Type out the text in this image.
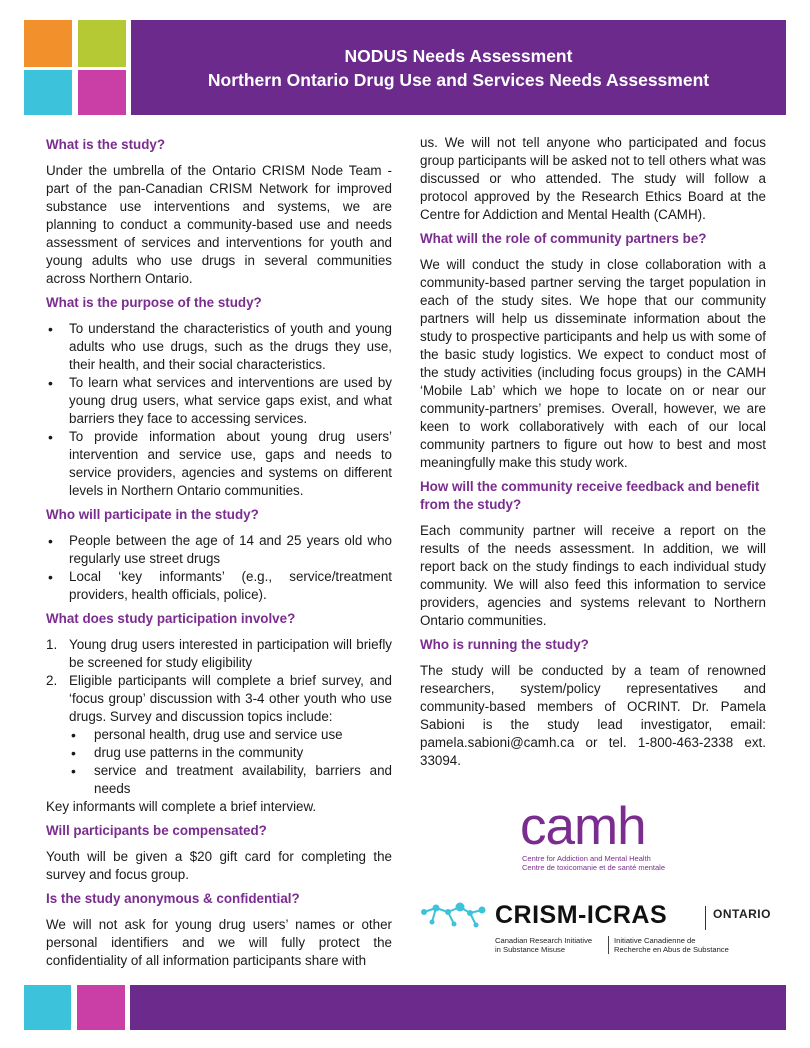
NODUS Needs Assessment
Northern Ontario Drug Use and Services Needs Assessment
What is the study?

Under the umbrella of the Ontario CRISM Node Team - part of the pan-Canadian CRISM Network for improved substance use interventions and systems, we are planning to conduct a community-based use and needs assessment of services and interventions for youth and young adults who use drugs in several communities across Northern Ontario.

What is the purpose of the study?
• To understand the characteristics of youth and young adults who use drugs, such as the drugs they use, their health, and their social characteristics.
• To learn what services and interventions are used by young drug users, what service gaps exist, and what barriers they face to accessing services.
• To provide information about young drug users’ intervention and service use, gaps and needs to service providers, agencies and systems on different levels in Northern Ontario communities.
Who will participate in the study?
• People between the age of 14 and 25 years old who regularly use street drugs
• Local ‘key informants’ (e.g., service/treatment providers, health officials, police).
What does study participation involve?
1. Young drug users interested in participation will briefly be screened for study eligibility
2. Eligible participants will complete a brief survey, and ‘focus group’ discussion with 3-4 other youth who use drugs. Survey and discussion topics include:
• personal health, drug use and service use
• drug use patterns in the community
• service and treatment availability, barriers and needs

Key informants will complete a brief interview.

Will participants be compensated?

Youth will be given a $20 gift card for completing the survey and focus group.

Is the study anonymous & confidential?

We will not ask for young drug users’ names or other personal identifiers and we will fully protect the confidentiality of all information participants share with

us. We will not tell anyone who participated and focus group participants will be asked not to tell others what was discussed or who attended. The study will follow a protocol approved by the Research Ethics Board at the Centre for Addiction and Mental Health (CAMH).

What will the role of community partners be?

We will conduct the study in close collaboration with a community-based partner serving the target population in each of the study sites. We hope that our community partners will help us disseminate information about the study to prospective participants and help us with some of the basic study logistics. We expect to conduct most of the study activities (including focus groups) in the CAMH ‘Mobile Lab’ which we hope to locate on or near our community-partners’ premises. Overall, however, we are keen to work collaboratively with each of our local community partners to figure out how to best and most meaningfully make this study work.

How will the community receive feedback and benefit from the study?

Each community partner will receive a report on the results of the needs assessment. In addition, we will report back on the study findings to each individual study community. We will also feed this information to service providers, agencies and systems relevant to Northern Ontario communities.

Who is running the study?

The study will be conducted by a team of renowned researchers, system/policy representatives and community-based members of OCRINT. Dr. Pamela Sabioni is the study lead investigator, email: pamela.sabioni@camh.ca or tel. 1-800-463-2338 ext. 33094.

camh
Centre for Addiction and Mental Health
Centre de toxicomanie et de santé mentale
CRISM-ICRAS	ONTARIO
Canadian Research Initiative
in Substance Misuse
Initiative Canadienne de
Recherche en Abus de Substance
